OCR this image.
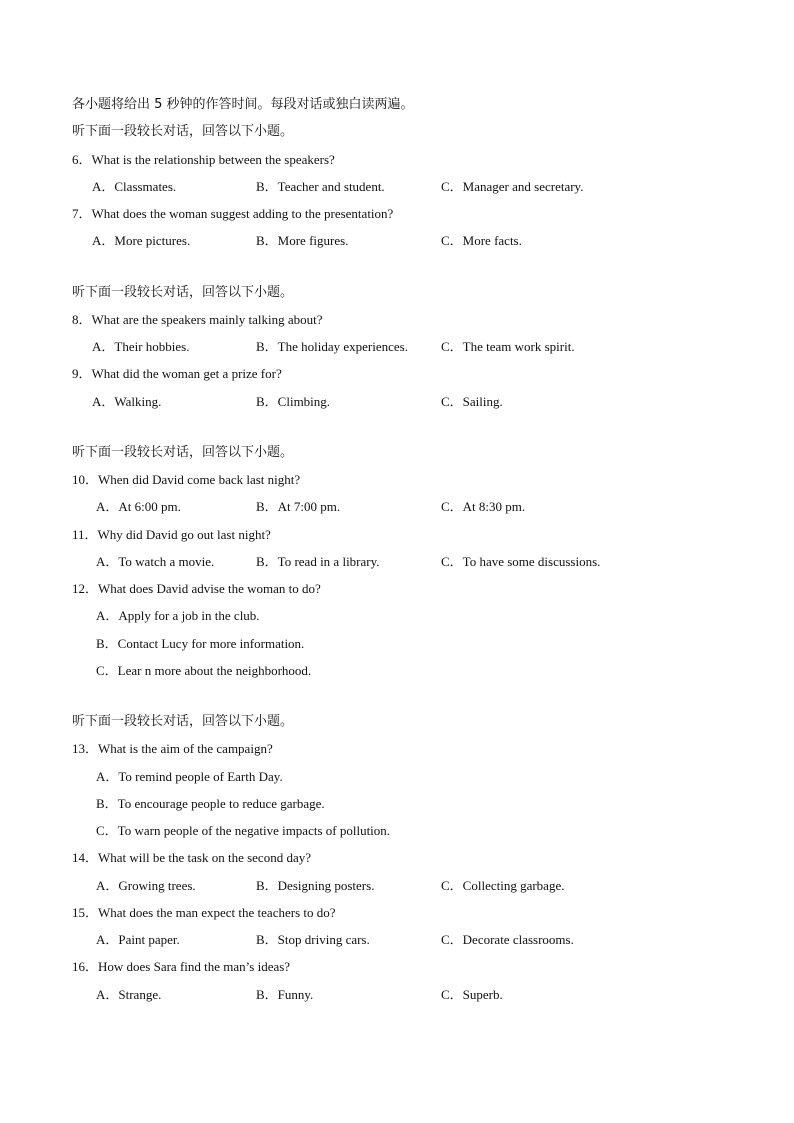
各小题将给出 5 秒钟的作答时间。每段对话或独白读两遍。
听下面一段较长对话，回答以下小题。
6．What is the relationship between the speakers?
A．Classmates.	B．Teacher and student.	C．Manager and secretary.
7．What does the woman suggest adding to the presentation?
A．More pictures.	B．More figures.	C．More facts.
听下面一段较长对话，回答以下小题。
8．What are the speakers mainly talking about?
A．Their hobbies.	B．The holiday experiences.	C．The team work spirit.
9．What did the woman get a prize for?
A．Walking.	B．Climbing.	C．Sailing.
听下面一段较长对话，回答以下小题。
10．When did David come back last night?
A．At 6:00 pm.	B．At 7:00 pm.	C．At 8:30 pm.
11．Why did David go out last night?
A．To watch a movie.	B．To read in a library.	C．To have some discussions.
12．What does David advise the woman to do?
A．Apply for a job in the club.
B．Contact Lucy for more information.
C．Lear n more about the neighborhood.
听下面一段较长对话，回答以下小题。
13．What is the aim of the campaign?
A．To remind people of Earth Day.
B．To encourage people to reduce garbage.
C．To warn people of the negative impacts of pollution.
14．What will be the task on the second day?
A．Growing trees.	B．Designing posters.	C．Collecting garbage.
15．What does the man expect the teachers to do?
A．Paint paper.	B．Stop driving cars.	C．Decorate classrooms.
16．How does Sara find the man’s ideas?
A．Strange.	B．Funny.	C．Superb.
